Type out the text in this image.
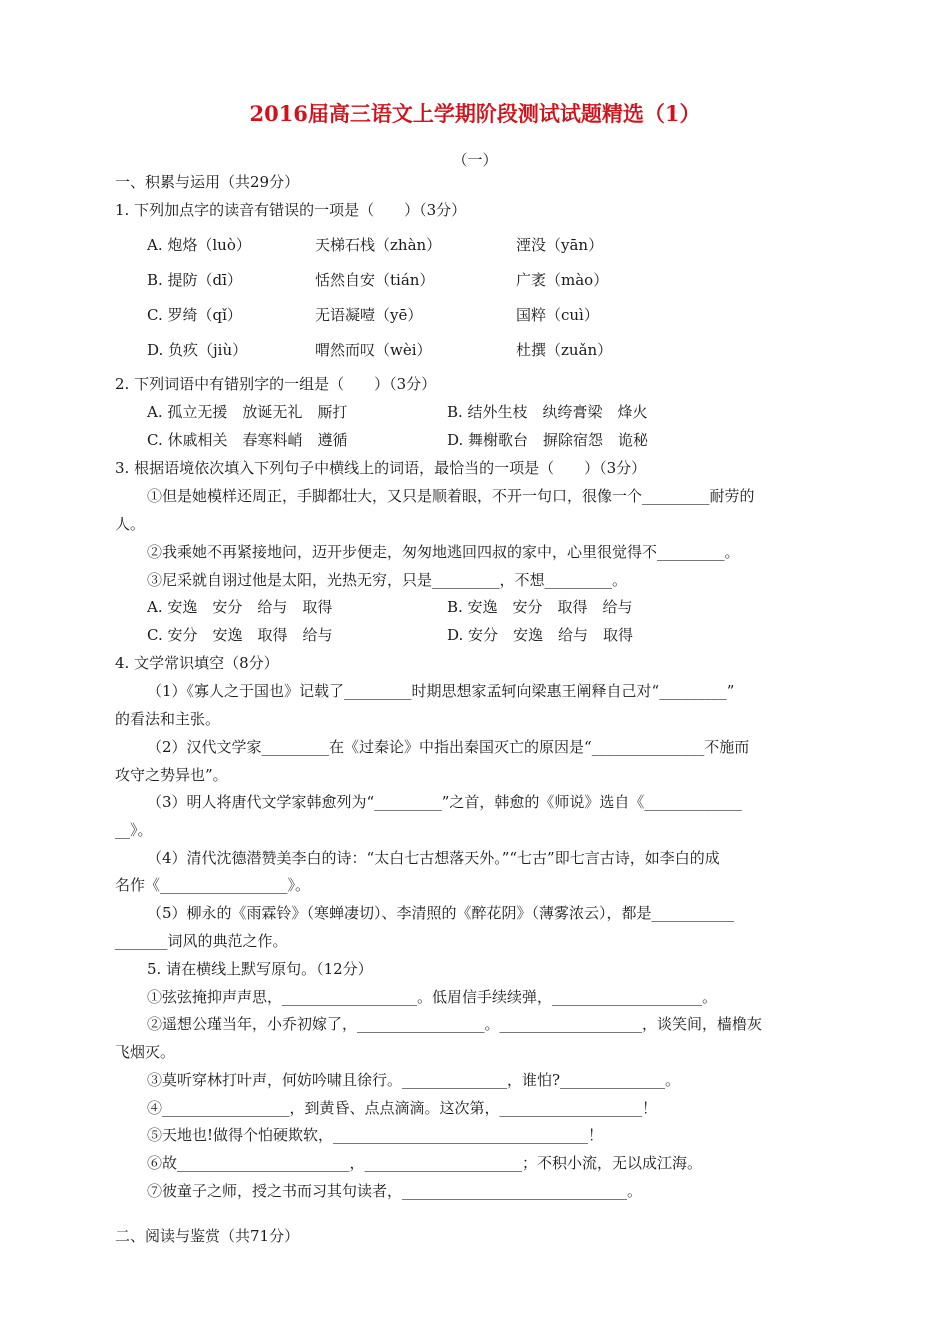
2016届高三语文上学期阶段测试试题精选（1）
（一）
一、积累与运用（共29分）
1. 下列加点字的读音有错误的一项是（　　）（3分）
A. 炮烙（luò）	天梯石栈（zhàn）	湮没（yān）
B. 提防（dī）	恬然自安（tián）	广袤（mào）
C. 罗绮（qǐ）	无语凝噎（yē）	国粹（cuì）
D. 负疚（jiù）	喟然而叹（wèi）	杜撰（zuǎn）
2. 下列词语中有错别字的一组是（　　）（3分）
A. 孤立无援　放诞无礼　厮打	B. 结外生枝　纨绔膏梁　烽火
C. 休戚相关　春寒料峭　遵循	D. 舞榭歌台　摒除宿怨　诡秘
3. 根据语境依次填入下列句子中横线上的词语，最恰当的一项是（　　）（3分）
①但是她模样还周正，手脚都壮大，又只是顺着眼，不开一句口，很像一个_________耐劳的
人。
②我乘她不再紧接地问，迈开步便走，匆匆地逃回四叔的家中，心里很觉得不_________。
③尼采就自诩过他是太阳，光热无穷，只是_________，不想_________。
A. 安逸　安分　给与　取得	B. 安逸　安分　取得　给与
C. 安分　安逸　取得　给与	D. 安分　安逸　给与　取得
4. 文学常识填空（8分）
（1）《寡人之于国也》记载了_________时期思想家孟轲向梁惠王阐释自己对“_________”
的看法和主张。
（2）汉代文学家_________在《过秦论》中指出秦国灭亡的原因是“_______________不施而
攻守之势异也”。
（3）明人将唐代文学家韩愈列为“_________”之首，韩愈的《师说》选自《_____________
__》。
（4）清代沈德潜赞美李白的诗：“太白七古想落天外。”“七古”即七言古诗，如李白的成
名作《_________________》。
（5）柳永的《雨霖铃》（寒蝉凄切）、李清照的《醉花阴》（薄雾浓云），都是___________
_______词风的典范之作。
5. 请在横线上默写原句。（12分）
①弦弦掩抑声声思，__________________。低眉信手续续弹，____________________。
②遥想公瑾当年，小乔初嫁了，_________________。___________________，谈笑间，樯橹灰
飞烟灭。
③莫听穿林打叶声，何妨吟啸且徐行。______________，谁怕?______________。
④_________________，到黄昏、点点滴滴。这次第，___________________！
⑤天地也!做得个怕硬欺软，__________________________________！
⑥故_______________________，_____________________；不积小流，无以成江海。
⑦彼童子之师，授之书而习其句读者，______________________________。
二、阅读与鉴赏（共71分）
